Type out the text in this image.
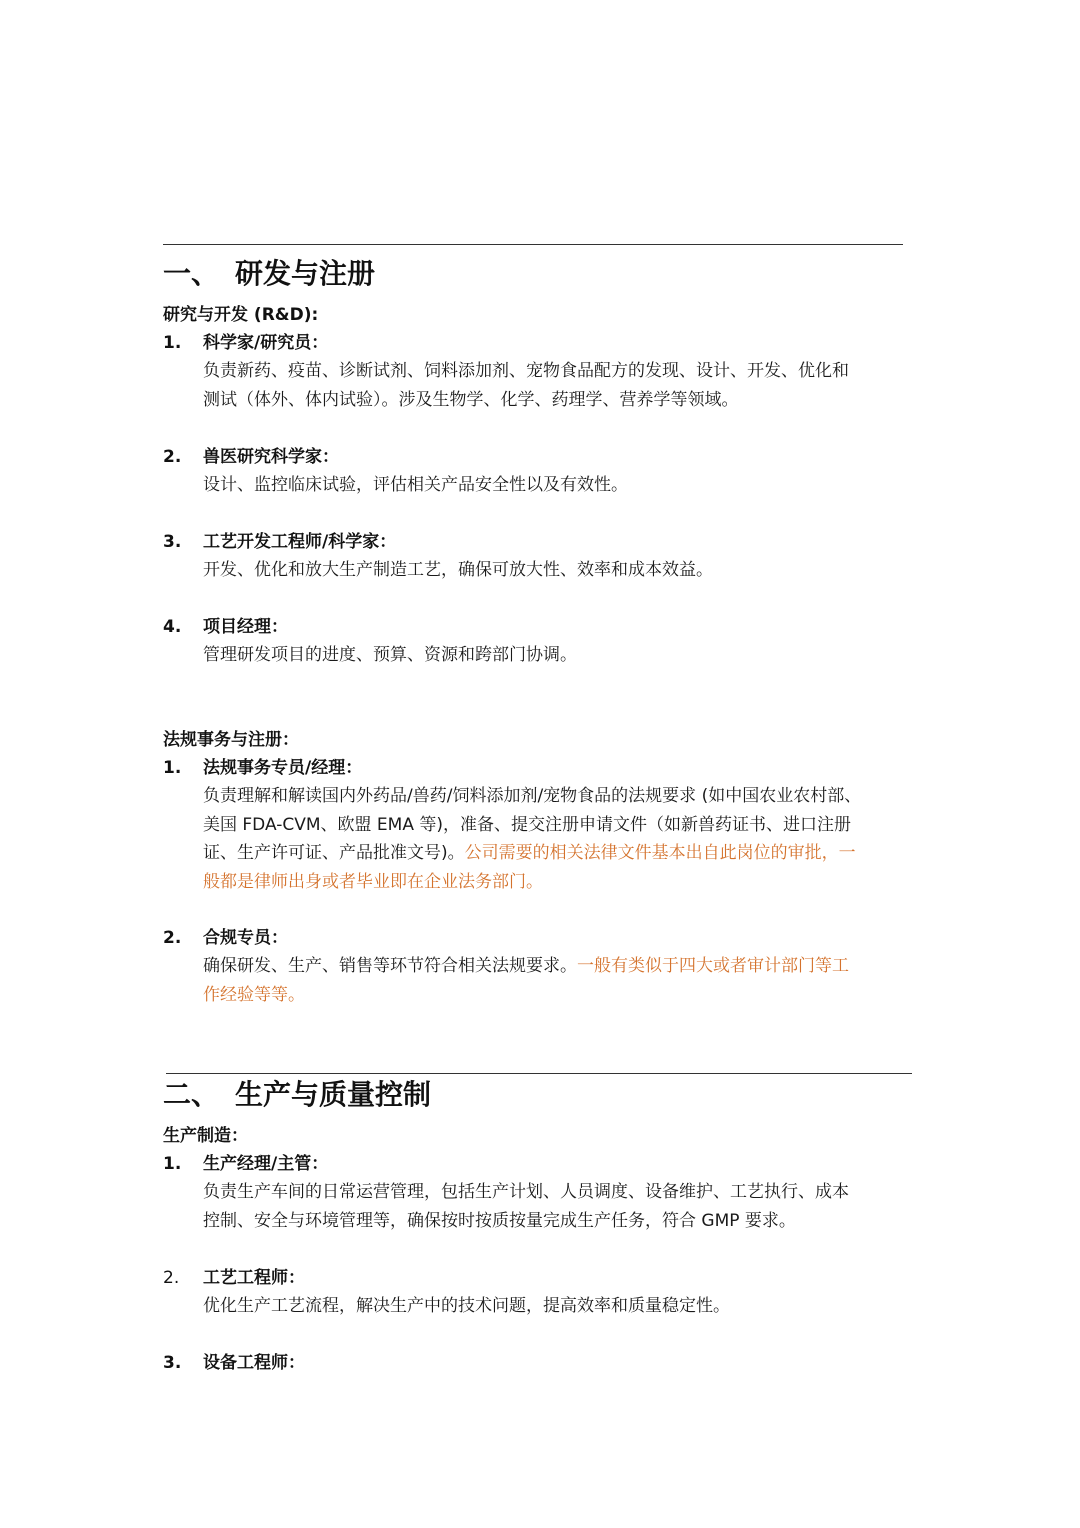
一、 研发与注册
研究与开发 (R&D):
1. 科学家/研究员：
负责新药、疫苗、诊断试剂、饲料添加剂、宠物食品配方的发现、设计、开发、优化和
测试（体外、体内试验）。涉及生物学、化学、药理学、营养学等领域。
2. 兽医研究科学家：
设计、监控临床试验，评估相关产品安全性以及有效性。
3. 工艺开发工程师/科学家：
开发、优化和放大生产制造工艺，确保可放大性、效率和成本效益。
4. 项目经理：
管理研发项目的进度、预算、资源和跨部门协调。
法规事务与注册：
1. 法规事务专员/经理：
负责理解和解读国内外药品/兽药/饲料添加剂/宠物食品的法规要求 (如中国农业农村部、
美国 FDA-CVM、欧盟 EMA 等)，准备、提交注册申请文件（如新兽药证书、进口注册
证、生产许可证、产品批准文号)。公司需要的相关法律文件基本出自此岗位的审批，一
般都是律师出身或者毕业即在企业法务部门。
2. 合规专员：
确保研发、生产、销售等环节符合相关法规要求。一般有类似于四大或者审计部门等工
作经验等等。
二、 生产与质量控制
生产制造：
1. 生产经理/主管：
负责生产车间的日常运营管理，包括生产计划、人员调度、设备维护、工艺执行、成本
控制、安全与环境管理等，确保按时按质按量完成生产任务，符合 GMP 要求。
2. 工艺工程师：
优化生产工艺流程，解决生产中的技术问题，提高效率和质量稳定性。
3. 设备工程师：
